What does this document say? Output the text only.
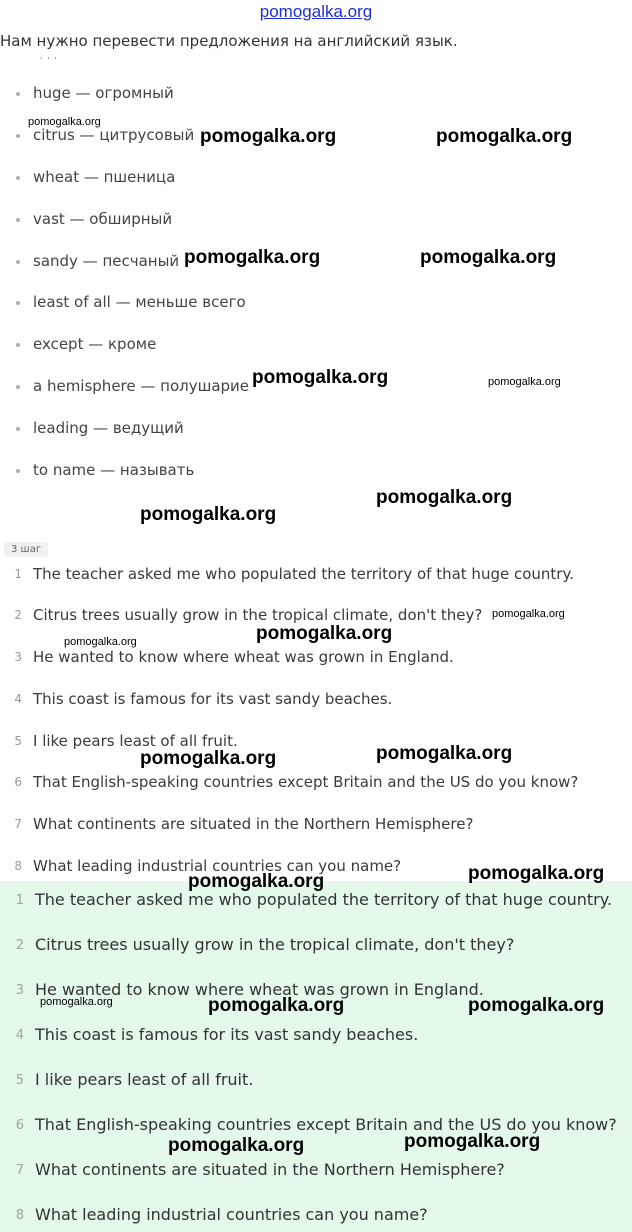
pomogalka.org
Нам нужно перевести предложения на английский язык.
'  '  '
huge — огромный
citrus — цитрусовый
wheat — пшеница
vast — обширный
sandy — песчаный
least of all — меньше всего
except — кроме
a hemisphere — полушарие
leading — ведущий
to name — называть
3 шаг
1 The teacher asked me who populated the territory of that huge country.
2 Citrus trees usually grow in the tropical climate, don't they?
3 He wanted to know where wheat was grown in England.
4 This coast is famous for its vast sandy beaches.
5 I like pears least of all fruit.
6 That English-speaking countries except Britain and the US do you know?
7 What continents are situated in the Northern Hemisphere?
8 What leading industrial countries can you name?
1 The teacher asked me who populated the territory of that huge country.
2 Citrus trees usually grow in the tropical climate, don't they?
3 He wanted to know where wheat was grown in England.
4 This coast is famous for its vast sandy beaches.
5 I like pears least of all fruit.
6 That English-speaking countries except Britain and the US do you know?
7 What continents are situated in the Northern Hemisphere?
8 What leading industrial countries can you name?
pomogalka.org
pomogalka.org	pomogalka.org
pomogalka.org	pomogalka.org
pomogalka.org	pomogalka.org
pomogalka.org
pomogalka.org
pomogalka.org
pomogalka.org
pomogalka.org
pomogalka.org
pomogalka.org
pomogalka.org
pomogalka.org
pomogalka.org	pomogalka.org	pomogalka.org
pomogalka.org
pomogalka.org
